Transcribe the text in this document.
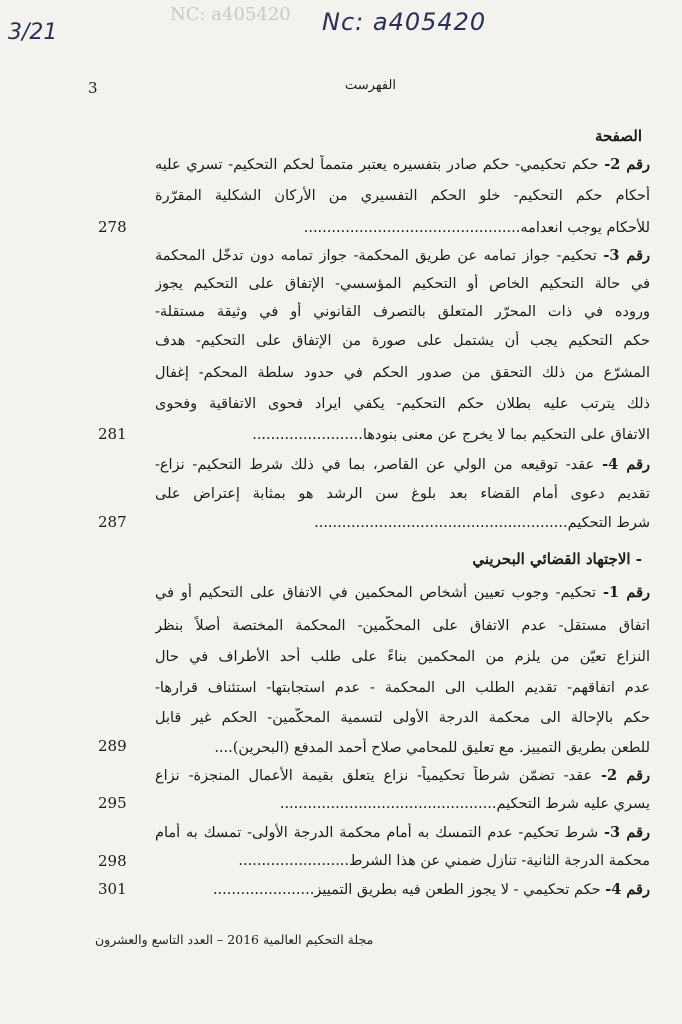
NC: a405420
3/21	Nc: a405420
3	الفهرست
الصفحة
رقم 2- حكم تحكيمي- حكم صادر بتفسيره يعتبر متمماً لحكم التحكيم- تسري عليه
أحكام حكم التحكيم- خلو الحكم التفسيري من الأركان الشكلية المقرّرة
للأحكام يوجب انعدامه...............................................
278
رقم 3- تحكيم- جواز تمامه عن طريق المحكمة- جواز تمامه دون تدخّل المحكمة
في حالة التحكيم الخاص أو التحكيم المؤسسي- الإتفاق على التحكيم يجوز
وروده في ذات المحرّر المتعلق بالتصرف القانوني أو في وثيقة مستقلة-
حكم التحكيم يجب أن يشتمل على صورة من الإتفاق على التحكيم- هدف
المشرّع من ذلك التحقق من صدور الحكم في حدود سلطة المحكم- إغفال
ذلك يترتب عليه بطلان حكم التحكيم- يكفي ايراد فحوى الاتفاقية وفحوى
الاتفاق على التحكيم بما لا يخرج عن معنى بنودها........................
281
رقم 4- عقد- توقيعه من الولي عن القاصر، بما في ذلك شرط التحكيم- نزاع-
تقديم دعوى أمام القضاء بعد بلوغ سن الرشد هو بمثابة إعتراض على
شرط التحكيم.......................................................
287
- الاجتهاد القضائي البحريني
رقم 1- تحكيم- وجوب تعيين أشخاص المحكمين في الاتفاق على التحكيم أو في
اتفاق مستقل- عدم الاتفاق على المحكّمين- المحكمة المختصة أصلاً بنظر
النزاع تعيّن من يلزم من المحكمين بناءً على طلب أحد الأطراف في حال
عدم اتفاقهم- تقديم الطلب الى المحكمة - عدم استجابتها- استئناف قرارها-
حكم بالإحالة الى محكمة الدرجة الأولى لتسمية المحكّمين- الحكم غير قابل
للطعن بطريق التمييز. مع تعليق للمحامي صلاح أحمد المدفع (البحرين)....
289
رقم 2- عقد- تضمّن شرطاً تحكيمياً- نزاع يتعلق بقيمة الأعمال المنجزة- نزاع
يسري عليه شرط التحكيم...............................................
295
رقم 3- شرط تحكيم- عدم التمسك به أمام محكمة الدرجة الأولى- تمسك به أمام
محكمة الدرجة الثانية- تنازل ضمني عن هذا الشرط........................
298
رقم 4- حكم تحكيمي - لا يجوز الطعن فيه بطريق التمييز......................
301
مجلة التحكيم العالمية 2016 – العدد التاسع والعشرون
